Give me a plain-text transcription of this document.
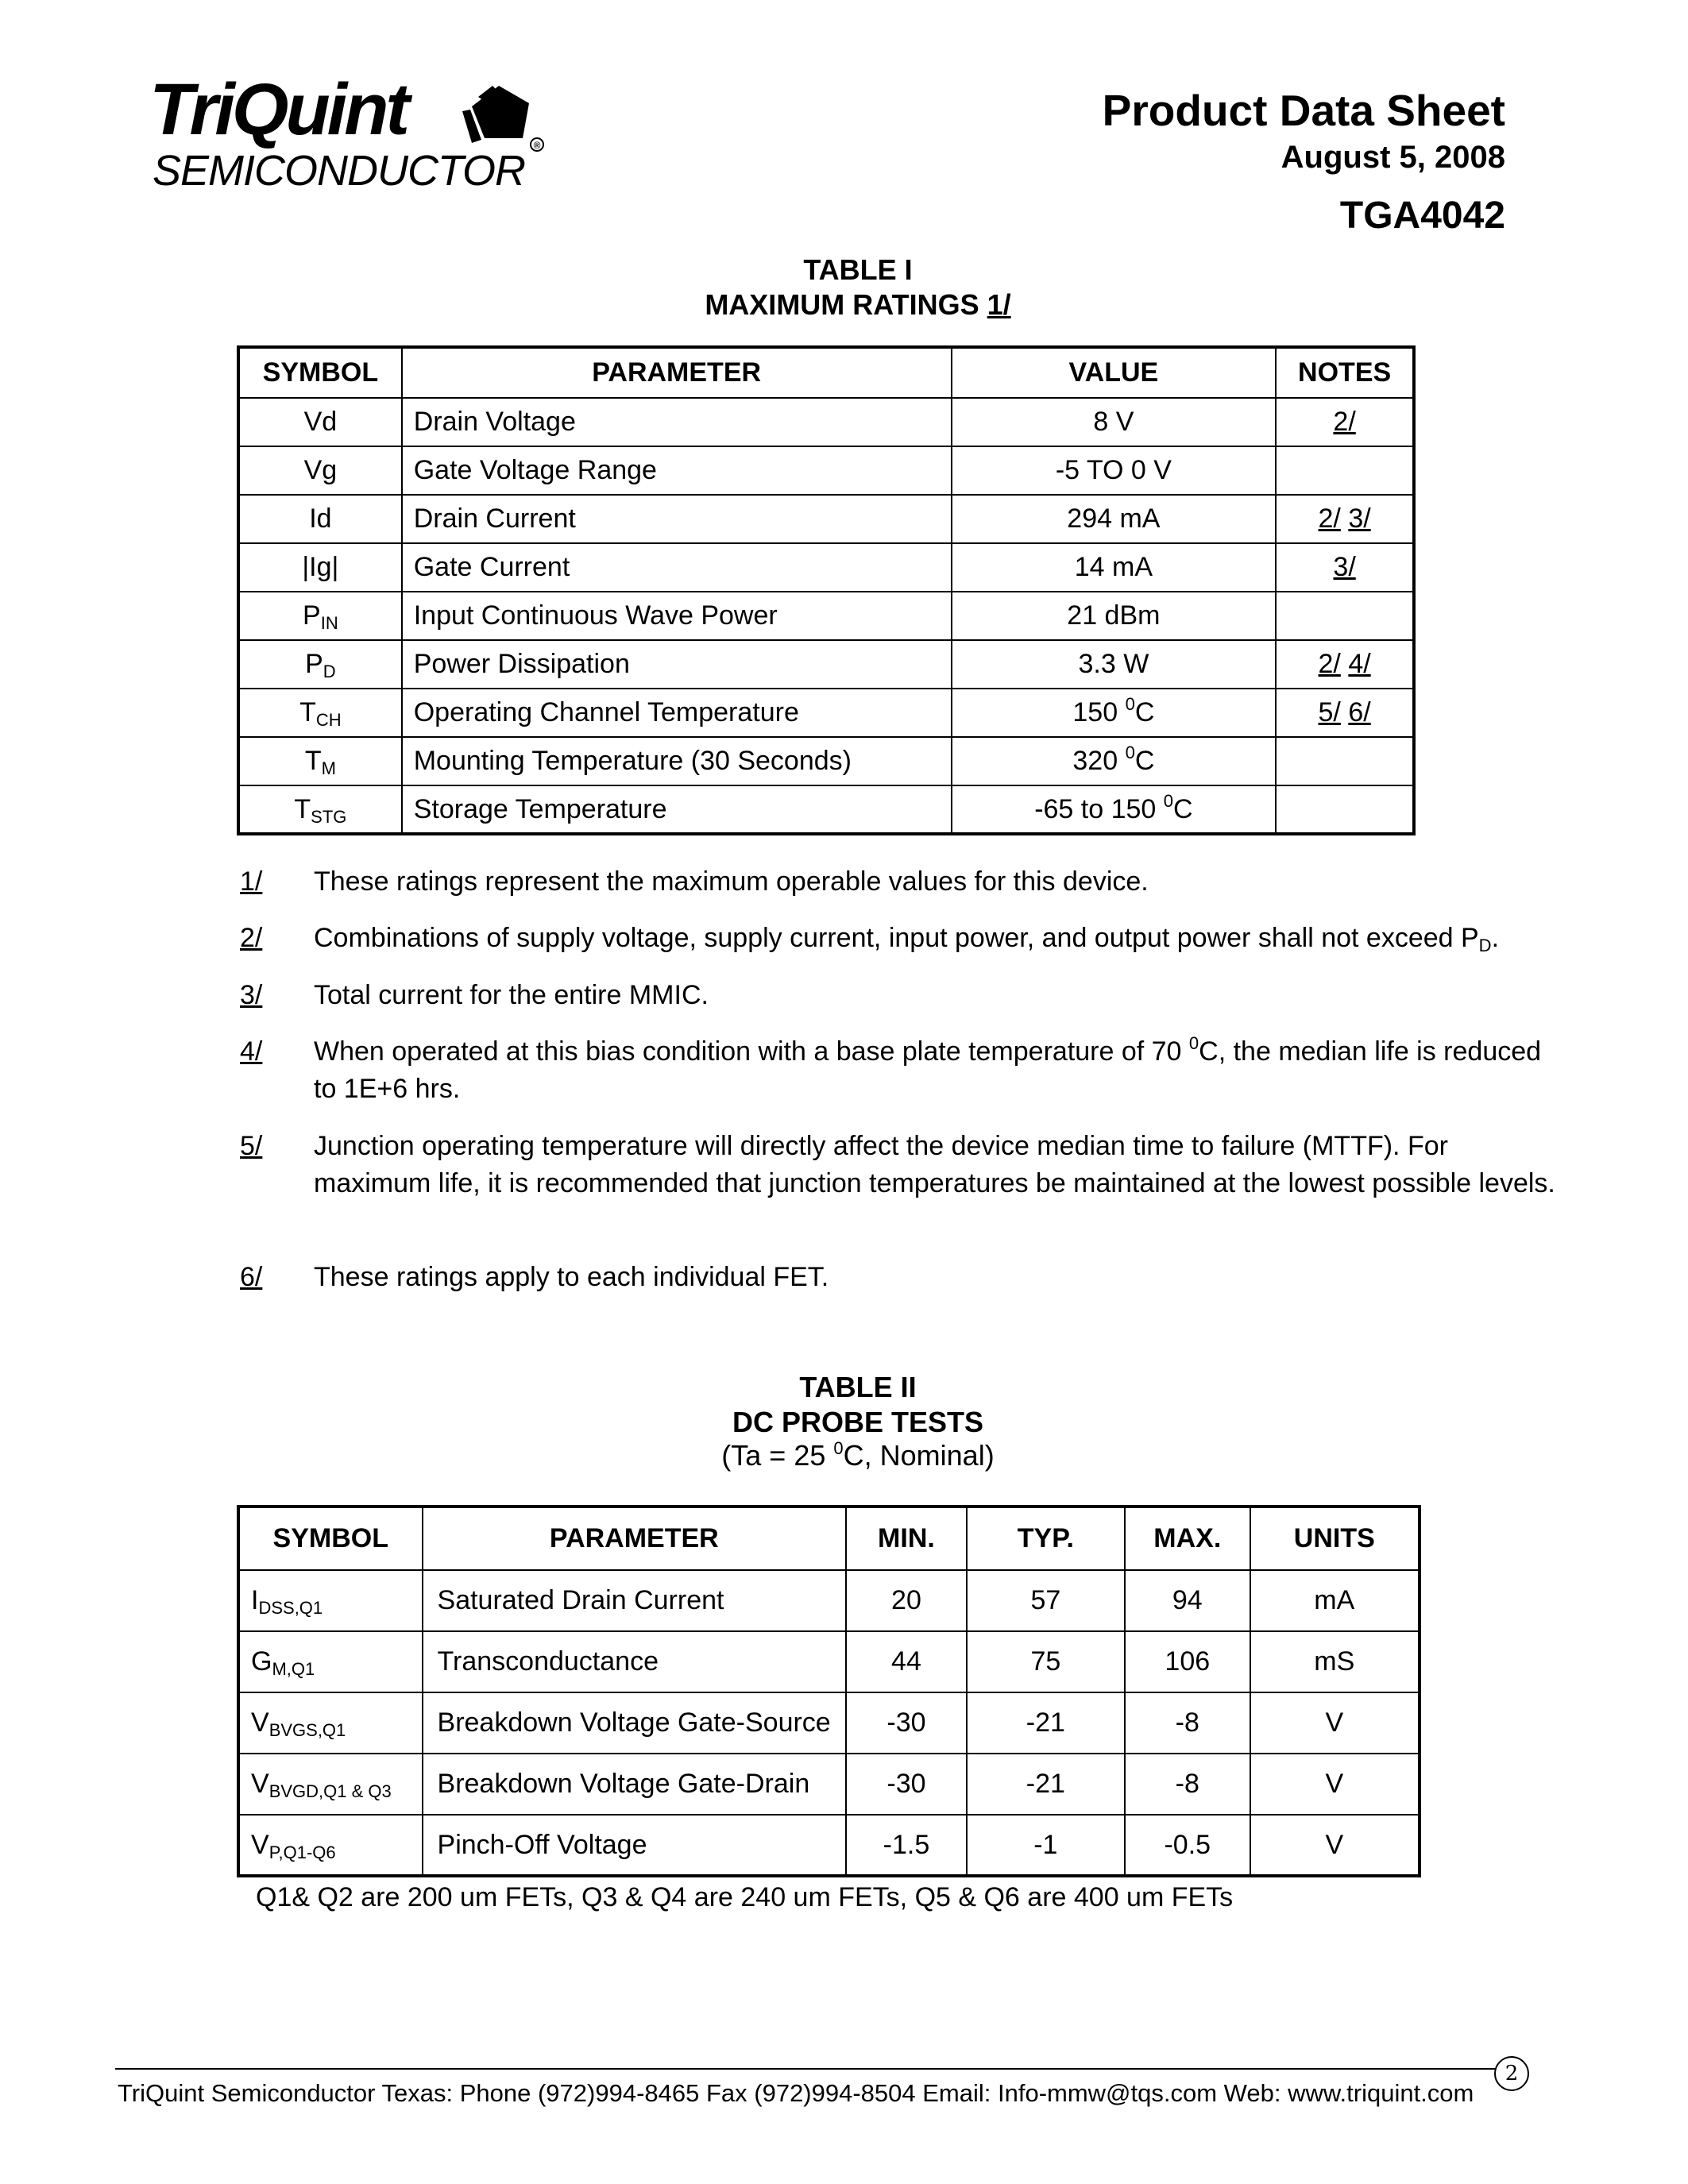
TriQuint	®
SEMICONDUCTOR
Product Data Sheet
August 5, 2008
TGA4042
TABLE I
MAXIMUM RATINGS 1/
SYMBOL	PARAMETER	VALUE	NOTES
Vd	Drain Voltage	8 V	2/
Vg	Gate Voltage Range	-5 TO 0 V	
Id	Drain Current	294 mA	2/ 3/
|Ig|	Gate Current	14 mA	3/
$P_{IN}$	Input Continuous Wave Power	21 dBm	
$P_D$	Power Dissipation	3.3 W	2/ 4/
$T_{CH}$	Operating Channel Temperature	150 $^0$C	5/ 6/
$T_M$	Mounting Temperature (30 Seconds)	320 $^0$C	
$T_{STG}$	Storage Temperature	-65 to 150 $^0$C	
1/ These ratings represent the maximum operable values for this device.
2/ Combinations of supply voltage, supply current, input power, and output power shall not exceed $P_D$.
3/ Total current for the entire MMIC.
4/ When operated at this bias condition with a base plate temperature of 70 $^0$C, the median life is reduced to 1E+6 hrs.
5/ Junction operating temperature will directly affect the device median time to failure (MTTF). For maximum life, it is recommended that junction temperatures be maintained at the lowest possible levels.
6/ These ratings apply to each individual FET.
TABLE II
DC PROBE TESTS
(Ta = 25 $^0$C, Nominal)
SYMBOL	PARAMETER	MIN.	TYP.	MAX.	UNITS
$I_{DSS,Q1}$	Saturated Drain Current	20	57	94	mA
$G_{M,Q1}$	Transconductance	44	75	106	mS
$V_{BVGS,Q1}$	Breakdown Voltage Gate-Source	-30	-21	-8	V
$V_{BVGD,Q1 \& Q3}$	Breakdown Voltage Gate-Drain	-30	-21	-8	V
$V_{P,Q1-Q6}$	Pinch-Off Voltage	-1.5	-1	-0.5	V
Q1& Q2 are 200 um FETs, Q3 & Q4 are 240 um FETs, Q5 & Q6 are 400 um FETs
TriQuint Semiconductor Texas: Phone (972)994-8465 Fax (972)994-8504 Email: Info-mmw@tqs.com Web: www.triquint.com
2
